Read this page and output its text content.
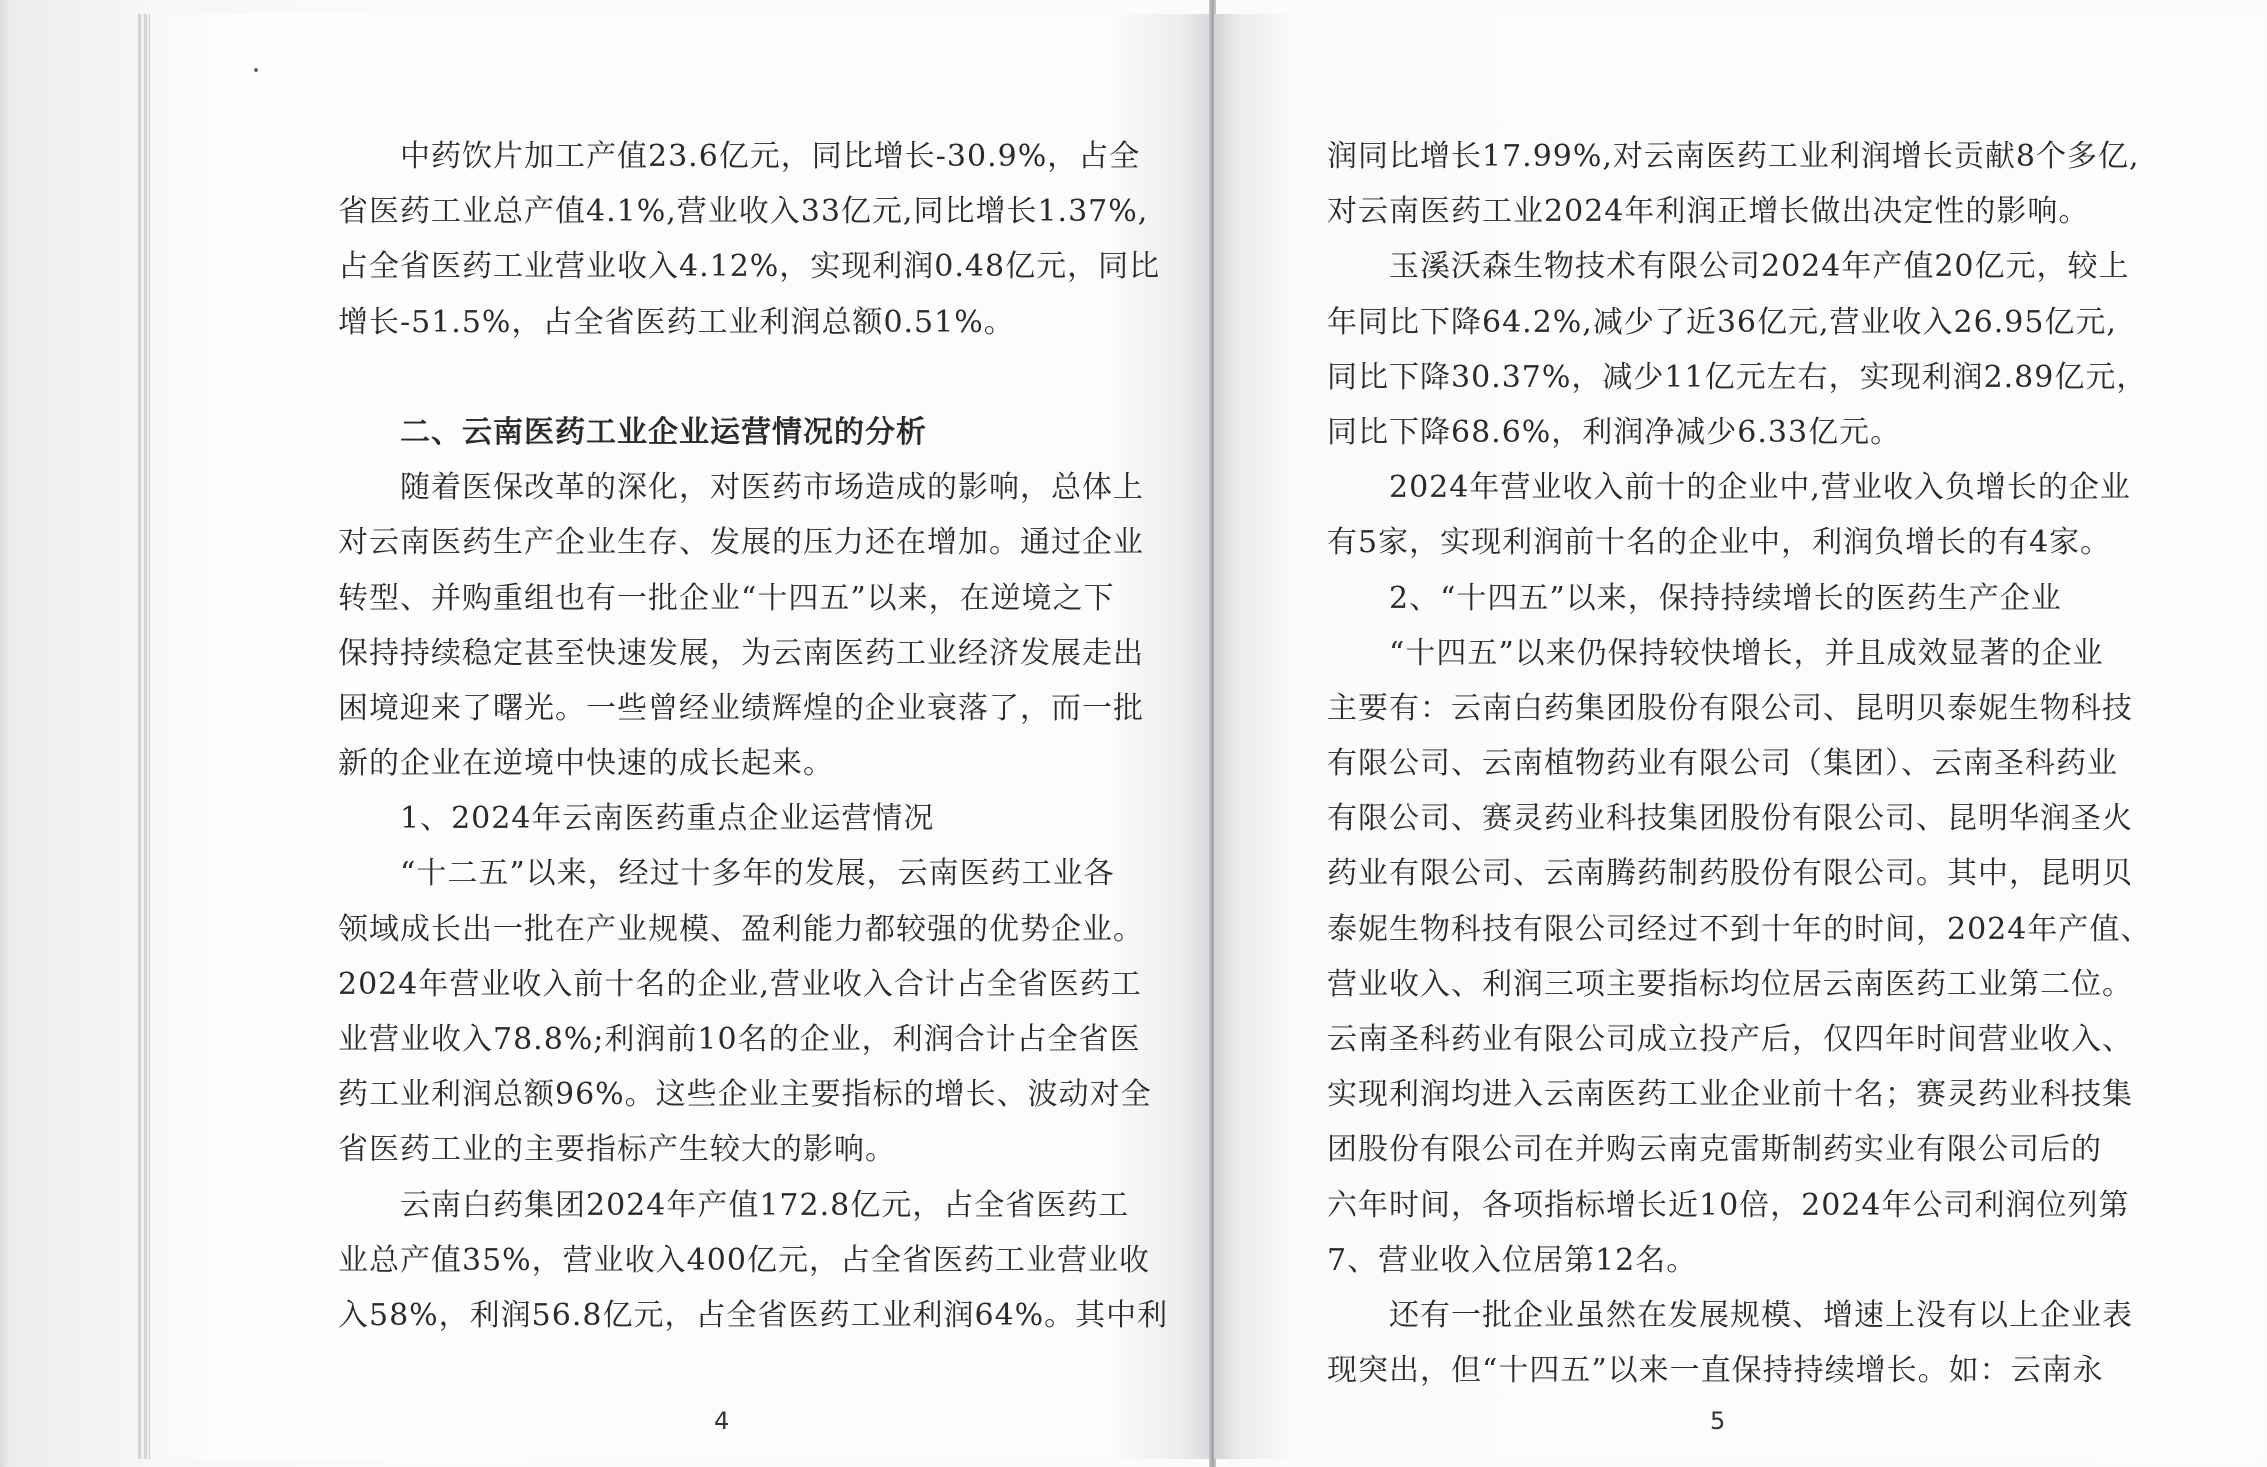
　　中药饮片加工产值23.6亿元，同比增长-30.9%，占全
省医药工业总产值4.1%,营业收入33亿元,同比增长1.37%,
占全省医药工业营业收入4.12%，实现利润0.48亿元，同比
增长-51.5%，占全省医药工业利润总额0.51%。
　　二、云南医药工业企业运营情况的分析
　　随着医保改革的深化，对医药市场造成的影响，总体上
对云南医药生产企业生存、发展的压力还在增加。通过企业
转型、并购重组也有一批企业“十四五”以来，在逆境之下
保持持续稳定甚至快速发展，为云南医药工业经济发展走出
困境迎来了曙光。一些曾经业绩辉煌的企业衰落了，而一批
新的企业在逆境中快速的成长起来。
　　1、2024年云南医药重点企业运营情况
　　“十二五”以来，经过十多年的发展，云南医药工业各
领域成长出一批在产业规模、盈利能力都较强的优势企业。
2024年营业收入前十名的企业,营业收入合计占全省医药工
业营业收入78.8%;利润前10名的企业，利润合计占全省医
药工业利润总额96%。这些企业主要指标的增长、波动对全
省医药工业的主要指标产生较大的影响。
　　云南白药集团2024年产值172.8亿元，占全省医药工
业总产值35%，营业收入400亿元，占全省医药工业营业收
入58%，利润56.8亿元，占全省医药工业利润64%。其中利
4
润同比增长17.99%,对云南医药工业利润增长贡献8个多亿,
对云南医药工业2024年利润正增长做出决定性的影响。
　　玉溪沃森生物技术有限公司2024年产值20亿元，较上
年同比下降64.2%,减少了近36亿元,营业收入26.95亿元,
同比下降30.37%，减少11亿元左右，实现利润2.89亿元，
同比下降68.6%，利润净减少6.33亿元。
　　2024年营业收入前十的企业中,营业收入负增长的企业
有5家，实现利润前十名的企业中，利润负增长的有4家。
　　2、“十四五”以来，保持持续增长的医药生产企业
　　“十四五”以来仍保持较快增长，并且成效显著的企业
主要有：云南白药集团股份有限公司、昆明贝泰妮生物科技
有限公司、云南植物药业有限公司（集团）、云南圣科药业
有限公司、赛灵药业科技集团股份有限公司、昆明华润圣火
药业有限公司、云南腾药制药股份有限公司。其中，昆明贝
泰妮生物科技有限公司经过不到十年的时间，2024年产值、
营业收入、利润三项主要指标均位居云南医药工业第二位。
云南圣科药业有限公司成立投产后，仅四年时间营业收入、
实现利润均进入云南医药工业企业前十名；赛灵药业科技集
团股份有限公司在并购云南克雷斯制药实业有限公司后的
六年时间，各项指标增长近10倍，2024年公司利润位列第
7、营业收入位居第12名。
　　还有一批企业虽然在发展规模、增速上没有以上企业表
现突出，但“十四五”以来一直保持持续增长。如：云南永
5
